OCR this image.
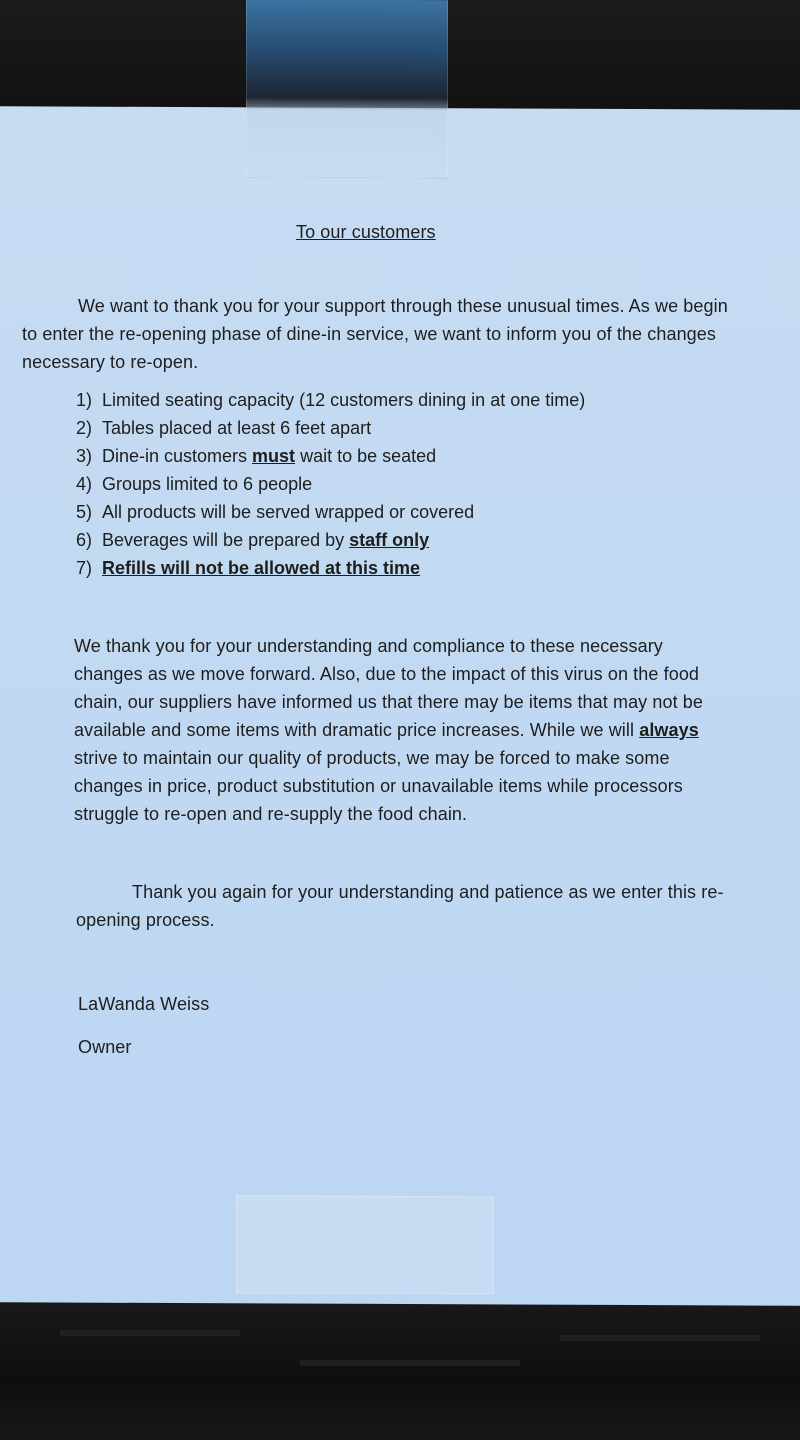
To our customers
We want to thank you for your support through these unusual times. As we begin to enter the re-opening phase of dine-in service, we want to inform you of the changes necessary to re-open.
1) Limited seating capacity (12 customers dining in at one time)
2) Tables placed at least 6 feet apart
3) Dine-in customers must wait to be seated
4) Groups limited to 6 people
5) All products will be served wrapped or covered
6) Beverages will be prepared by staff only
7) Refills will not be allowed at this time
We thank you for your understanding and compliance to these necessary changes as we move forward. Also, due to the impact of this virus on the food chain, our suppliers have informed us that there may be items that may not be available and some items with dramatic price increases. While we will always strive to maintain our quality of products, we may be forced to make some changes in price, product substitution or unavailable items while processors struggle to re-open and re-supply the food chain.
Thank you again for your understanding and patience as we enter this re-opening process.
LaWanda Weiss
Owner
